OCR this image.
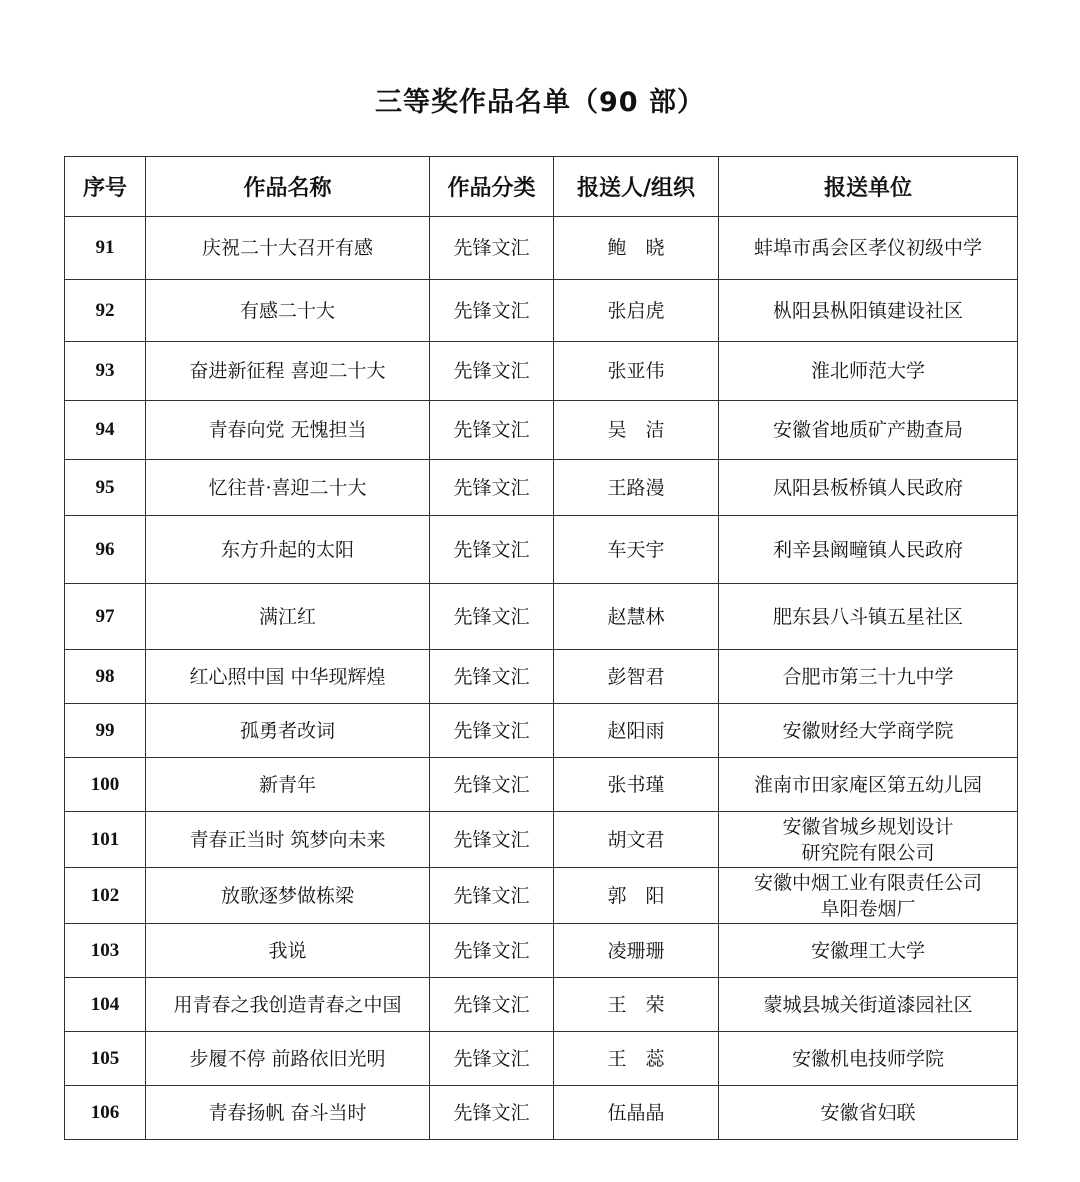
三等奖作品名单（90 部）
序号	作品名称	作品分类	报送人/组织	报送单位
91	庆祝二十大召开有感	先锋文汇	鲍　晓	蚌埠市禹会区孝仪初级中学
92	有感二十大	先锋文汇	张启虎	枞阳县枞阳镇建设社区
93	奋进新征程 喜迎二十大	先锋文汇	张亚伟	淮北师范大学
94	青春向党 无愧担当	先锋文汇	吴　洁	安徽省地质矿产勘查局
95	忆往昔·喜迎二十大	先锋文汇	王路漫	凤阳县板桥镇人民政府
96	东方升起的太阳	先锋文汇	车天宇	利辛县阚疃镇人民政府
97	满江红	先锋文汇	赵慧林	肥东县八斗镇五星社区
98	红心照中国 中华现辉煌	先锋文汇	彭智君	合肥市第三十九中学
99	孤勇者改词	先锋文汇	赵阳雨	安徽财经大学商学院
100	新青年	先锋文汇	张书瑾	淮南市田家庵区第五幼儿园
101	青春正当时 筑梦向未来	先锋文汇	胡文君	安徽省城乡规划设计
研究院有限公司
102	放歌逐梦做栋梁	先锋文汇	郭　阳	安徽中烟工业有限责任公司
阜阳卷烟厂
103	我说	先锋文汇	凌珊珊	安徽理工大学
104	用青春之我创造青春之中国	先锋文汇	王　荣	蒙城县城关街道漆园社区
105	步履不停 前路依旧光明	先锋文汇	王　蕊	安徽机电技师学院
106	青春扬帆 奋斗当时	先锋文汇	伍晶晶	安徽省妇联
